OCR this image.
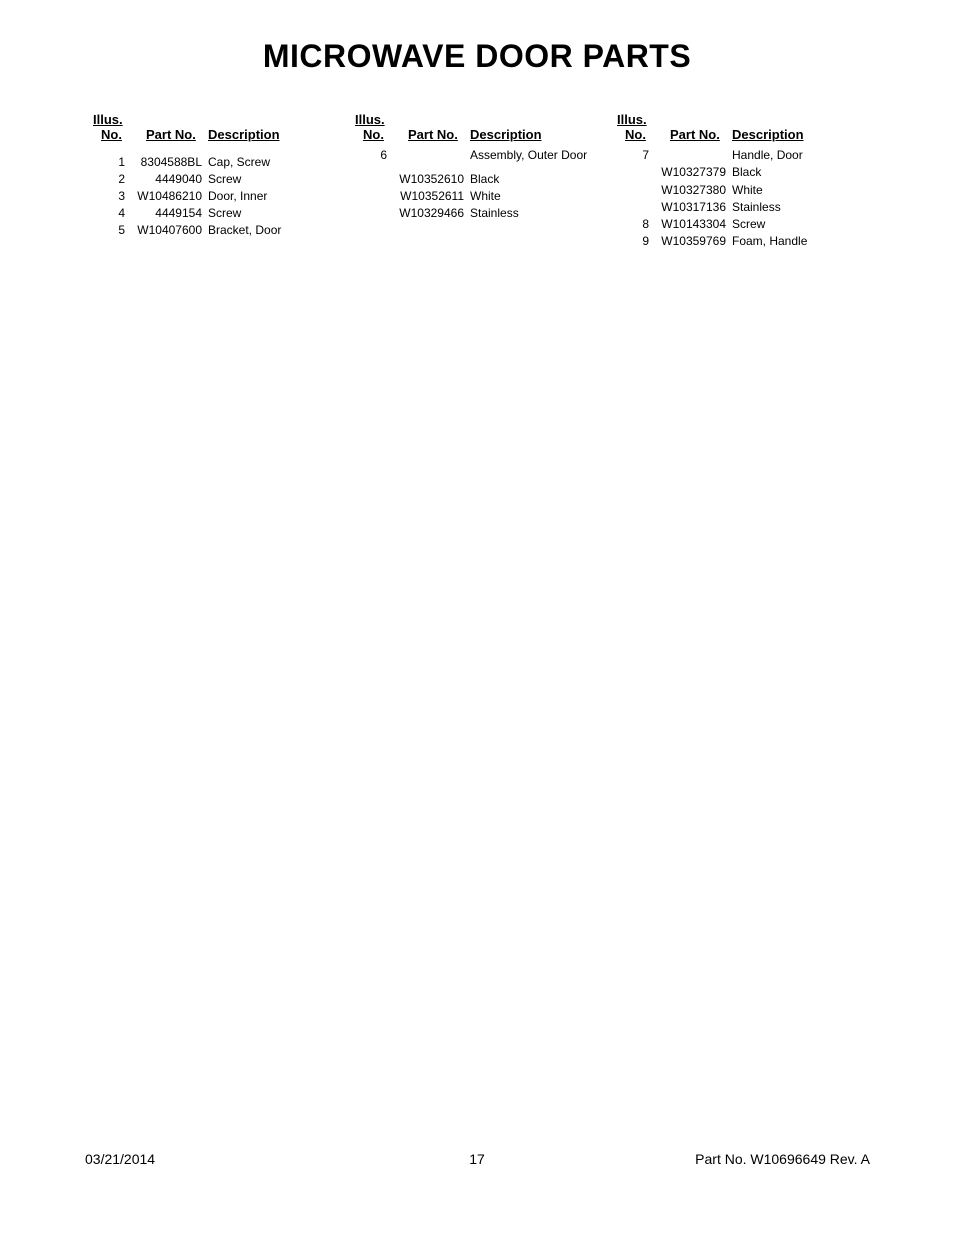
MICROWAVE DOOR PARTS
Illus.
No. Part No. Description
1	8304588BL Cap, Screw
2	4449040 Screw
3	W10486210 Door, Inner
4	4449154 Screw
5	W10407600 Bracket, Door
Illus.
No. Part No. Description
6	Assembly, Outer Door
W10352610 Black
W10352611 White
W10329466 Stainless
Illus.
No. Part No. Description
7	Handle, Door
W10327379 Black
W10327380 White
W10317136 Stainless
8	W10143304 Screw
9	W10359769 Foam, Handle
03/21/2014	17	Part No. W10696649 Rev. A
